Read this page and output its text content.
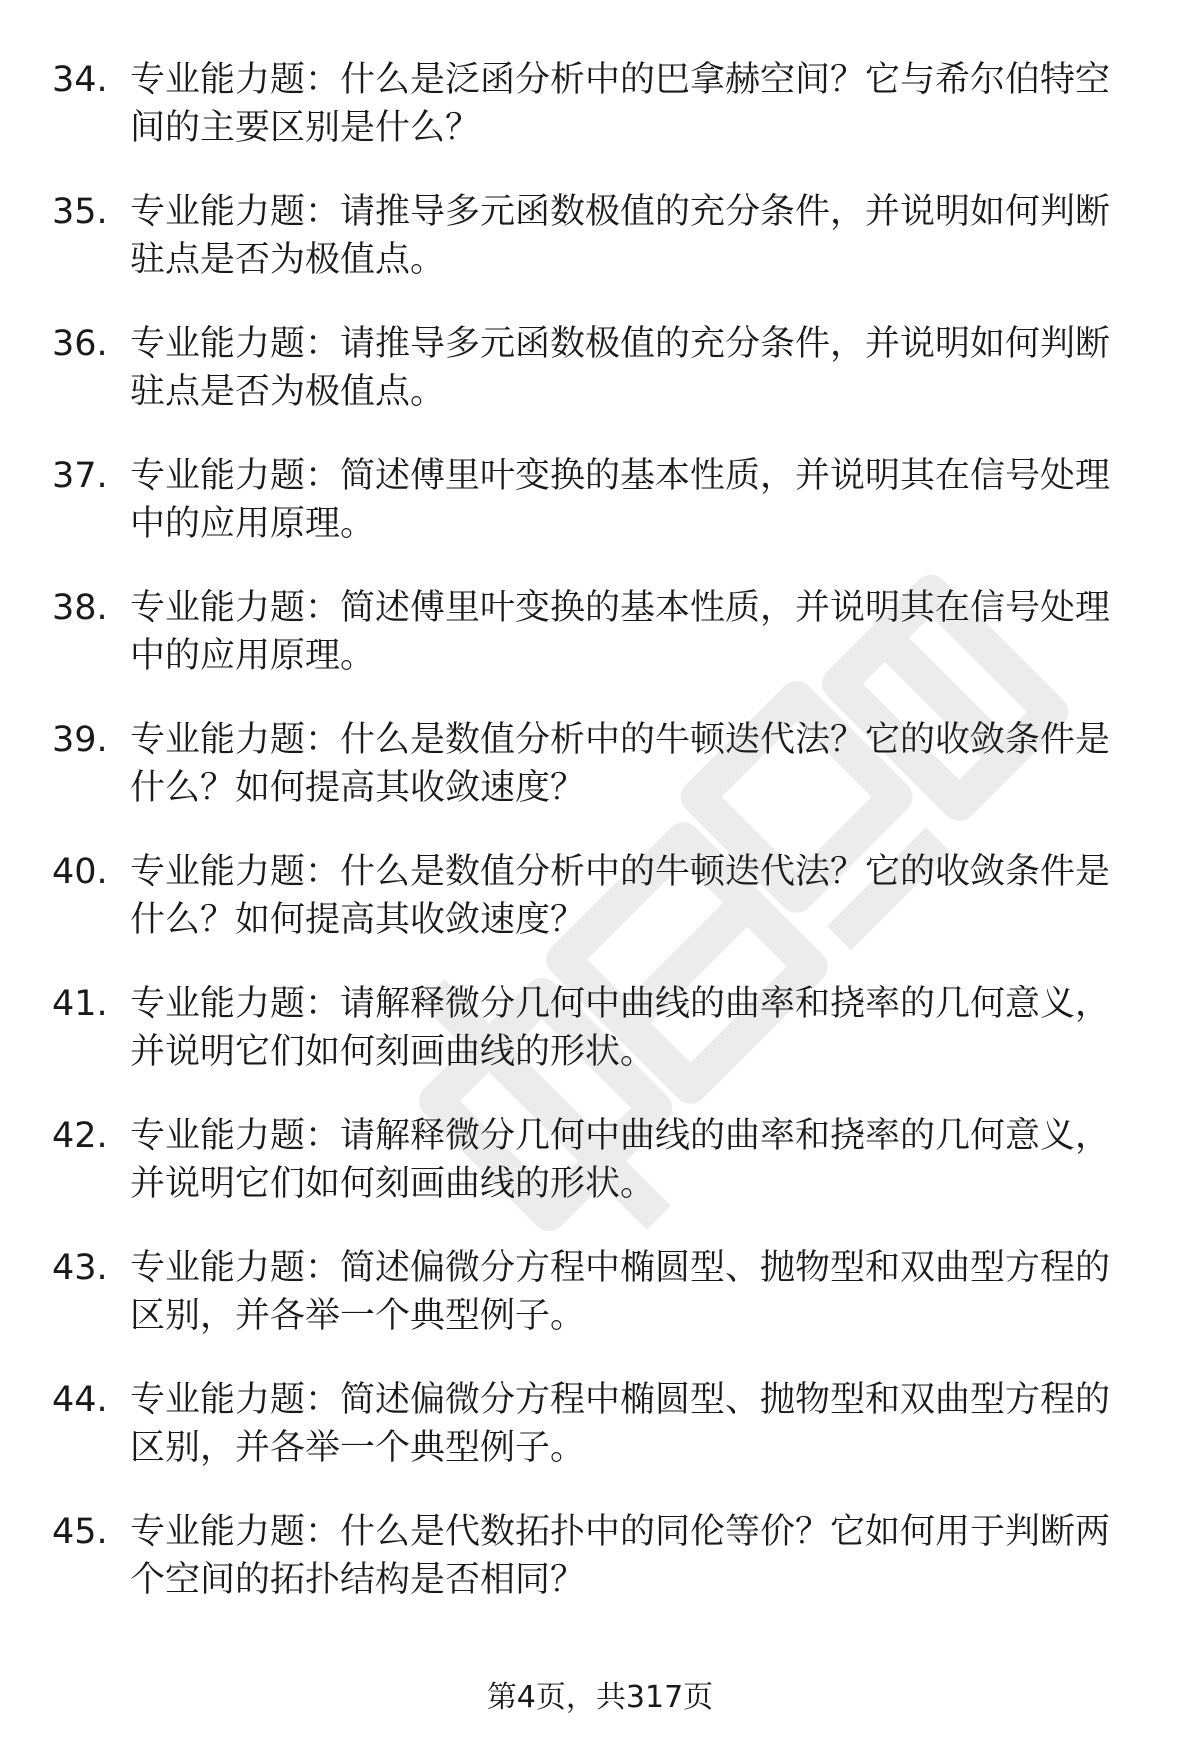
34. 专业能力题：什么是泛函分析中的巴拿赫空间？它与希尔伯特空间的主要区别是什么？
35. 专业能力题：请推导多元函数极值的充分条件，并说明如何判断驻点是否为极值点。
36. 专业能力题：请推导多元函数极值的充分条件，并说明如何判断驻点是否为极值点。
37. 专业能力题：简述傅里叶变换的基本性质，并说明其在信号处理中的应用原理。
38. 专业能力题：简述傅里叶变换的基本性质，并说明其在信号处理中的应用原理。
39. 专业能力题：什么是数值分析中的牛顿迭代法？它的收敛条件是什么？如何提高其收敛速度？
40. 专业能力题：什么是数值分析中的牛顿迭代法？它的收敛条件是什么？如何提高其收敛速度？
41. 专业能力题：请解释微分几何中曲线的曲率和挠率的几何意义，并说明它们如何刻画曲线的形状。
42. 专业能力题：请解释微分几何中曲线的曲率和挠率的几何意义，并说明它们如何刻画曲线的形状。
43. 专业能力题：简述偏微分方程中椭圆型、抛物型和双曲型方程的区别，并各举一个典型例子。
44. 专业能力题：简述偏微分方程中椭圆型、抛物型和双曲型方程的区别，并各举一个典型例子。
45. 专业能力题：什么是代数拓扑中的同伦等价？它如何用于判断两个空间的拓扑结构是否相同？
第4页，共317页
